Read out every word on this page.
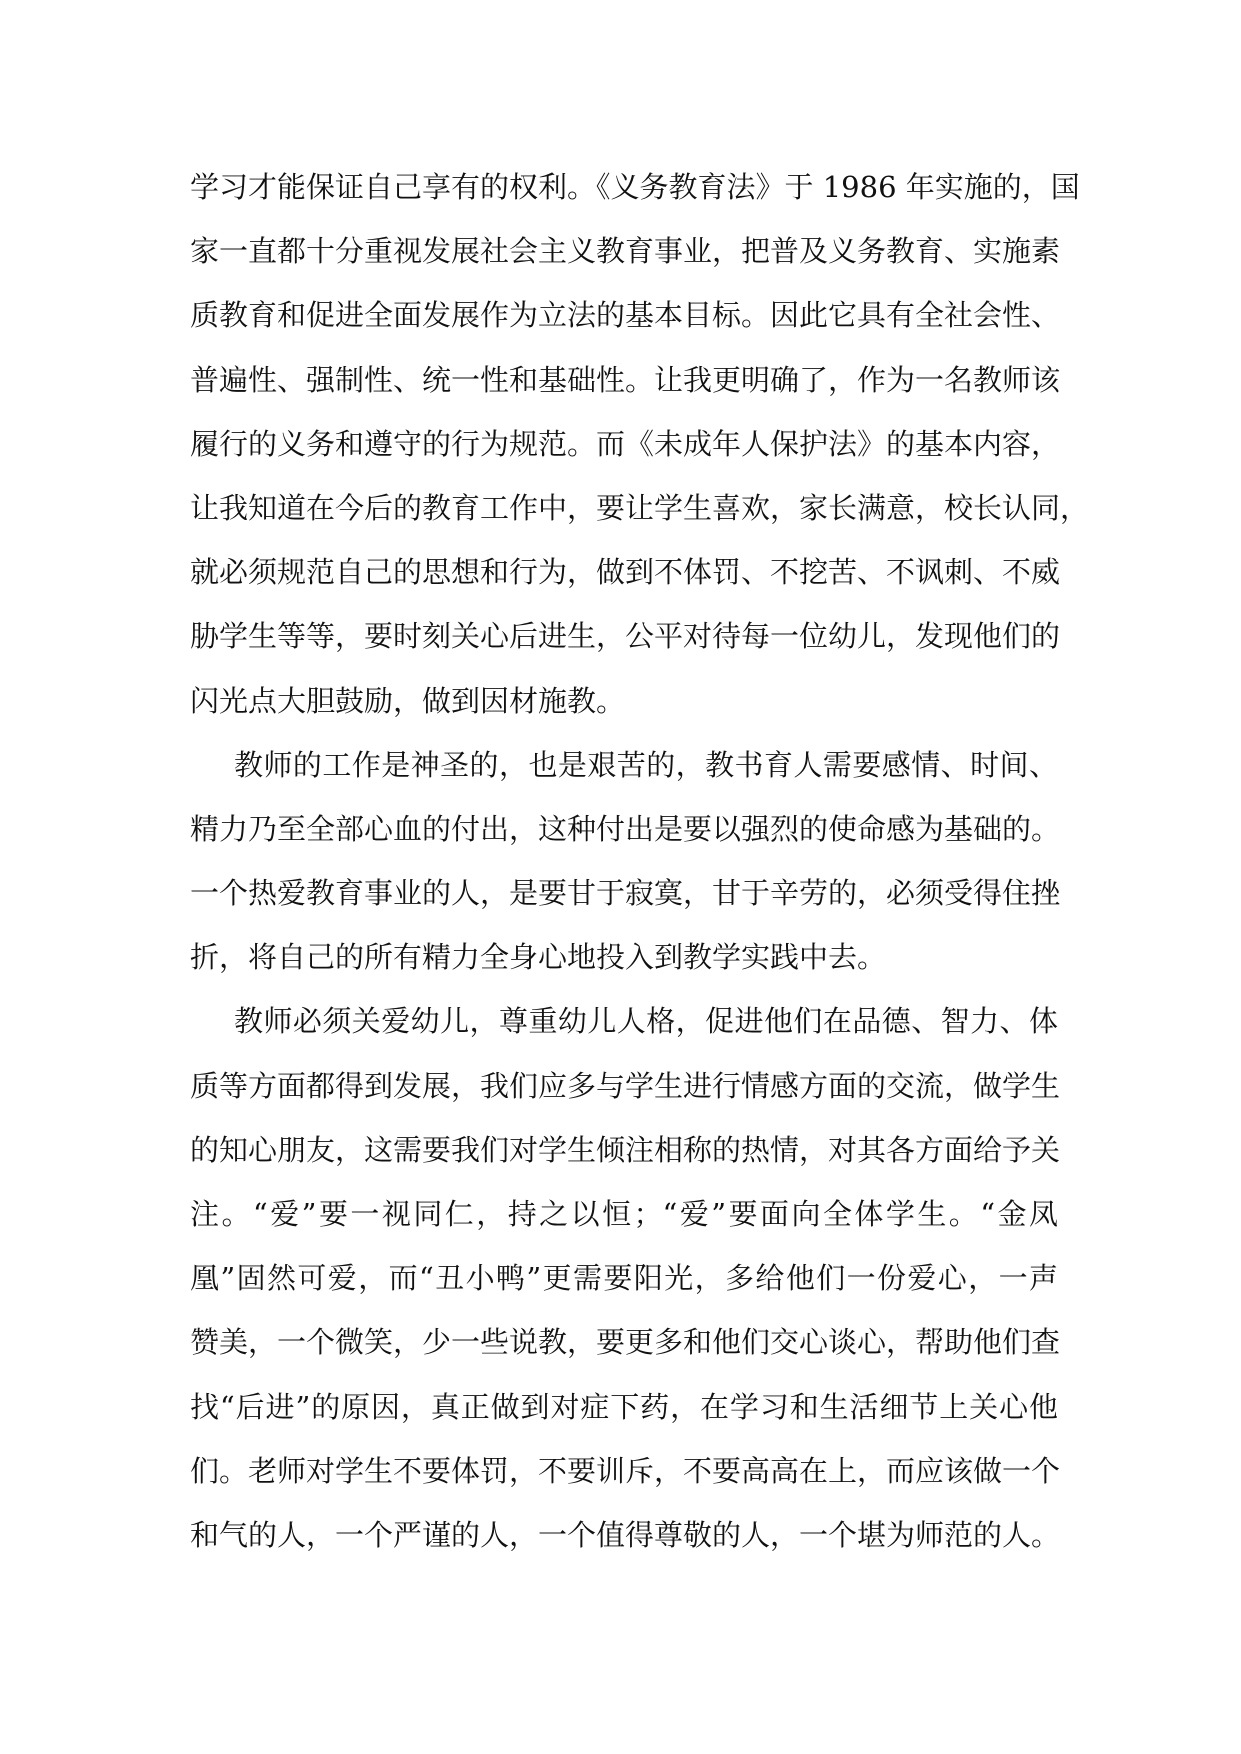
学习才能保证自己享有的权利。《义务教育法》于 1986 年实施的，国
家一直都十分重视发展社会主义教育事业，把普及义务教育、实施素
质教育和促进全面发展作为立法的基本目标。因此它具有全社会性、
普遍性、强制性、统一性和基础性。让我更明确了，作为一名教师该
履行的义务和遵守的行为规范。而《未成年人保护法》的基本内容，
让我知道在今后的教育工作中，要让学生喜欢，家长满意，校长认同，
就必须规范自己的思想和行为，做到不体罚、不挖苦、不讽刺、不威
胁学生等等，要时刻关心后进生，公平对待每一位幼儿，发现他们的
闪光点大胆鼓励，做到因材施教。
教师的工作是神圣的，也是艰苦的，教书育人需要感情、时间、
精力乃至全部心血的付出，这种付出是要以强烈的使命感为基础的。
一个热爱教育事业的人，是要甘于寂寞，甘于辛劳的，必须受得住挫
折，将自己的所有精力全身心地投入到教学实践中去。
教师必须关爱幼儿，尊重幼儿人格，促进他们在品德、智力、体
质等方面都得到发展，我们应多与学生进行情感方面的交流，做学生
的知心朋友，这需要我们对学生倾注相称的热情，对其各方面给予关
注。“爱”要一视同仁，持之以恒；“爱”要面向全体学生。“金凤
凰”固然可爱，而“丑小鸭”更需要阳光，多给他们一份爱心，一声
赞美，一个微笑，少一些说教，要更多和他们交心谈心，帮助他们查
找“后进”的原因，真正做到对症下药，在学习和生活细节上关心他
们。老师对学生不要体罚，不要训斥，不要高高在上，而应该做一个
和气的人，一个严谨的人，一个值得尊敬的人，一个堪为师范的人。
